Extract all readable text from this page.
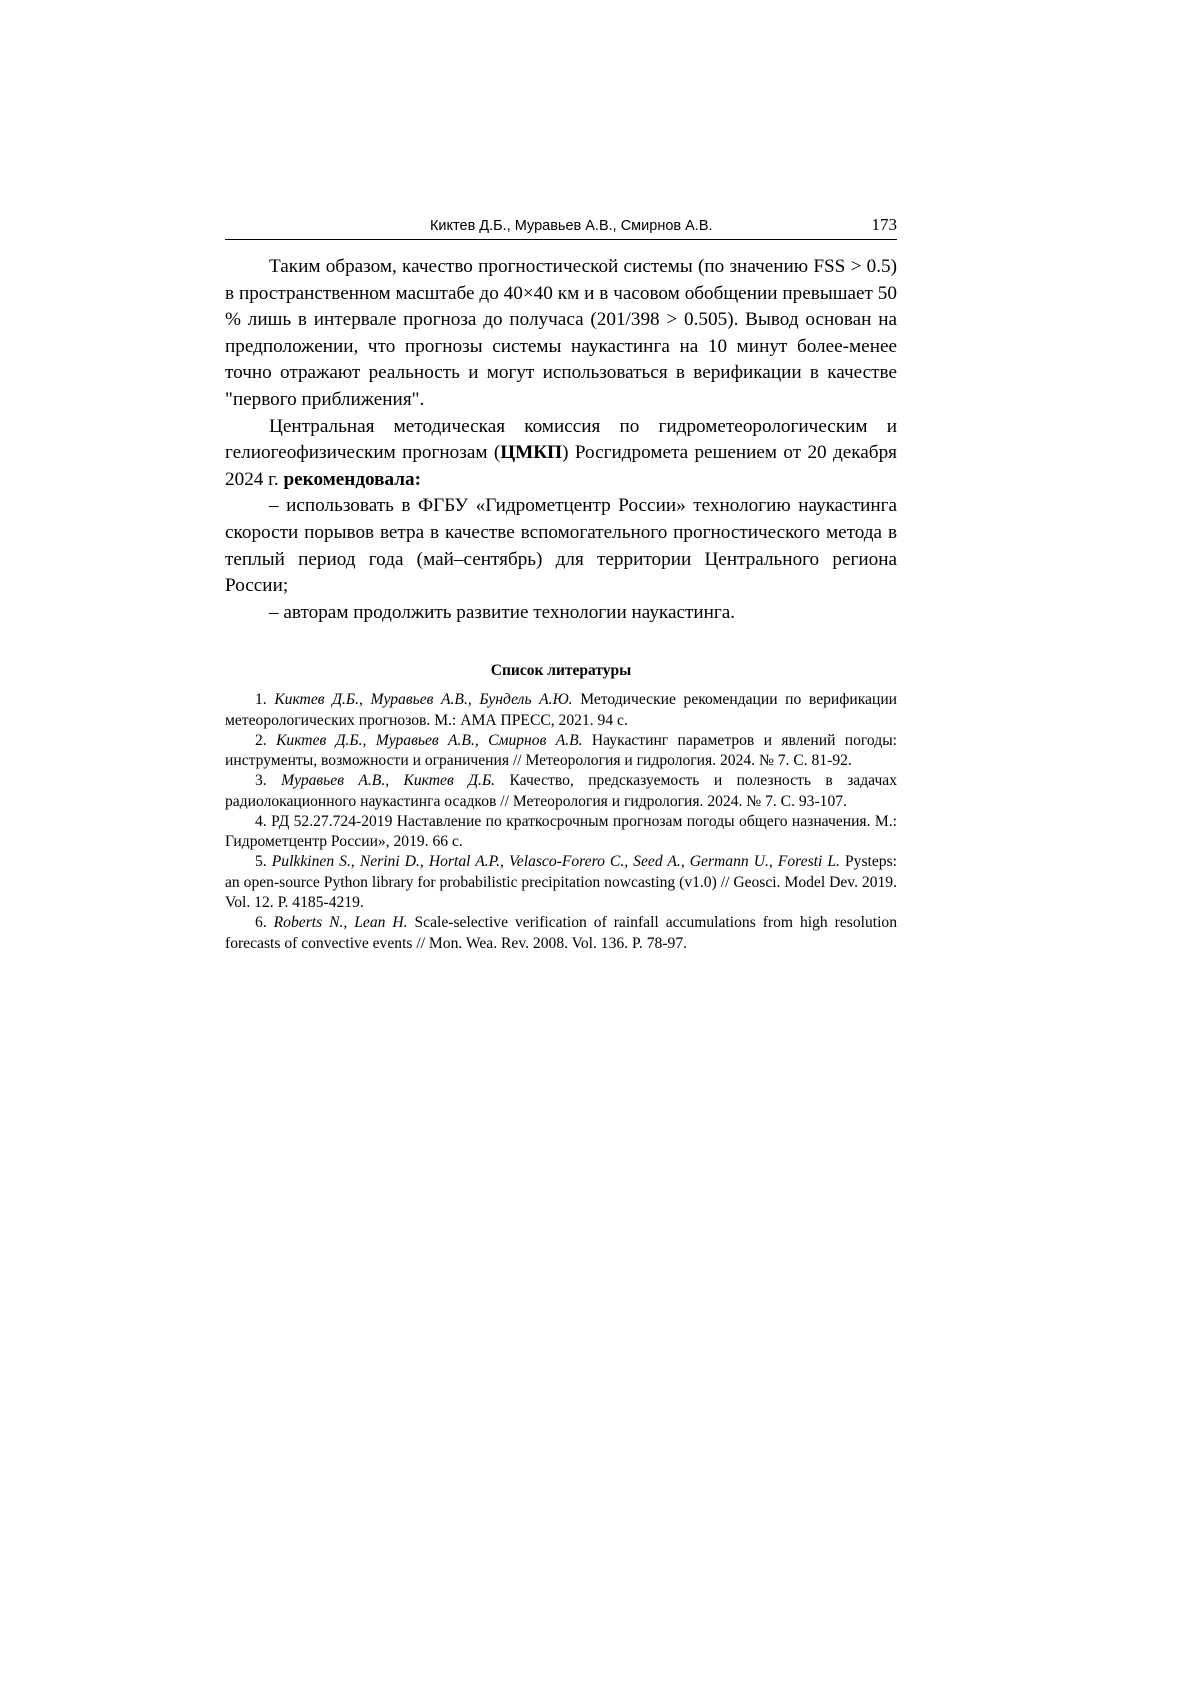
Киктев Д.Б., Муравьев А.В., Смирнов А.В.	173

Таким образом, качество прогностической системы (по значению FSS > 0.5) в пространственном масштабе до 40×40 км и в часовом обобщении превышает 50 % лишь в интервале прогноза до получаса (201/398 > 0.505). Вывод основан на предположении, что прогнозы системы наукастинга на 10 минут более-менее точно отражают реальность и могут использоваться в верификации в качестве "первого приближения".

Центральная методическая комиссия по гидрометеорологическим и гелиогеофизическим прогнозам (ЦМКП) Росгидромета решением от 20 декабря 2024 г. рекомендовала:

– использовать в ФГБУ «Гидрометцентр России» технологию наукастинга скорости порывов ветра в качестве вспомогательного прогностического метода в теплый период года (май–сентябрь) для территории Центрального региона России;

– авторам продолжить развитие технологии наукастинга.

Список литературы

1. Киктев Д.Б., Муравьев А.В., Бундель А.Ю. Методические рекомендации по верификации метеорологических прогнозов. М.: АМА ПРЕСС, 2021. 94 с.

2. Киктев Д.Б., Муравьев А.В., Смирнов А.В. Наукастинг параметров и явлений погоды: инструменты, возможности и ограничения // Метеорология и гидрология. 2024. № 7. С. 81-92.

3. Муравьев А.В., Киктев Д.Б. Качество, предсказуемость и полезность в задачах радиолокационного наукастинга осадков // Метеорология и гидрология. 2024. № 7. С. 93-107.

4. РД 52.27.724-2019 Наставление по краткосрочным прогнозам погоды общего назначения. М.: Гидрометцентр России», 2019. 66 с.

5. Pulkkinen S., Nerini D., Hortal A.P., Velasco-Forero C., Seed A., Germann U., Foresti L. Pysteps: an open-source Python library for probabilistic precipitation nowcasting (v1.0) // Geosci. Model Dev. 2019. Vol. 12. P. 4185-4219.

6. Roberts N., Lean H. Scale-selective verification of rainfall accumulations from high resolution forecasts of convective events // Mon. Wea. Rev. 2008. Vol. 136. P. 78-97.
